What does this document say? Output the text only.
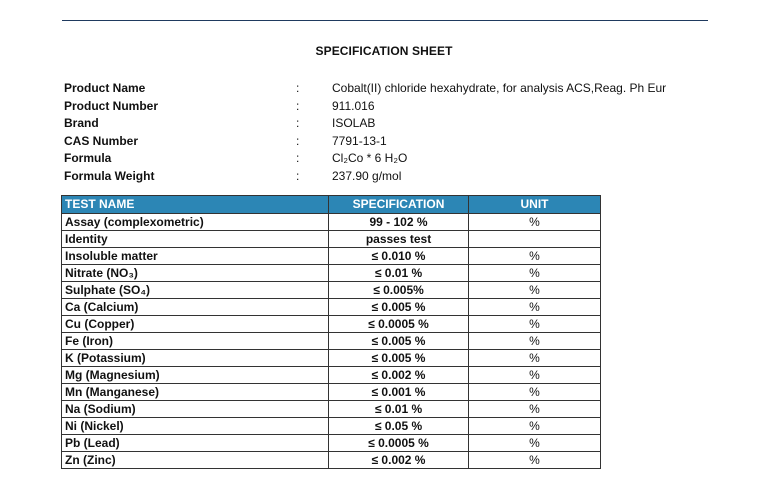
SPECIFICATION SHEET
Product Name	:	Cobalt(II) chloride hexahydrate, for analysis ACS,Reag. Ph Eur
Product Number	:	911.016
Brand	:	ISOLAB
CAS Number	:	7791-13-1
Formula	:	Cl₂Co * 6 H₂O
Formula Weight	:	237.90 g/mol
TEST NAME	SPECIFICATION	UNIT
Assay (complexometric)	99 - 102 %	%
Identity	passes test	
Insoluble matter	≤ 0.010 %	%
Nitrate (NO₃)	≤ 0.01 %	%
Sulphate (SO₄)	≤ 0.005%	%
Ca (Calcium)	≤ 0.005 %	%
Cu (Copper)	≤ 0.0005 %	%
Fe (Iron)	≤ 0.005 %	%
K (Potassium)	≤ 0.005 %	%
Mg (Magnesium)	≤ 0.002 %	%
Mn (Manganese)	≤ 0.001 %	%
Na (Sodium)	≤ 0.01 %	%
Ni (Nickel)	≤ 0.05 %	%
Pb (Lead)	≤ 0.0005 %	%
Zn (Zinc)	≤ 0.002 %	%
